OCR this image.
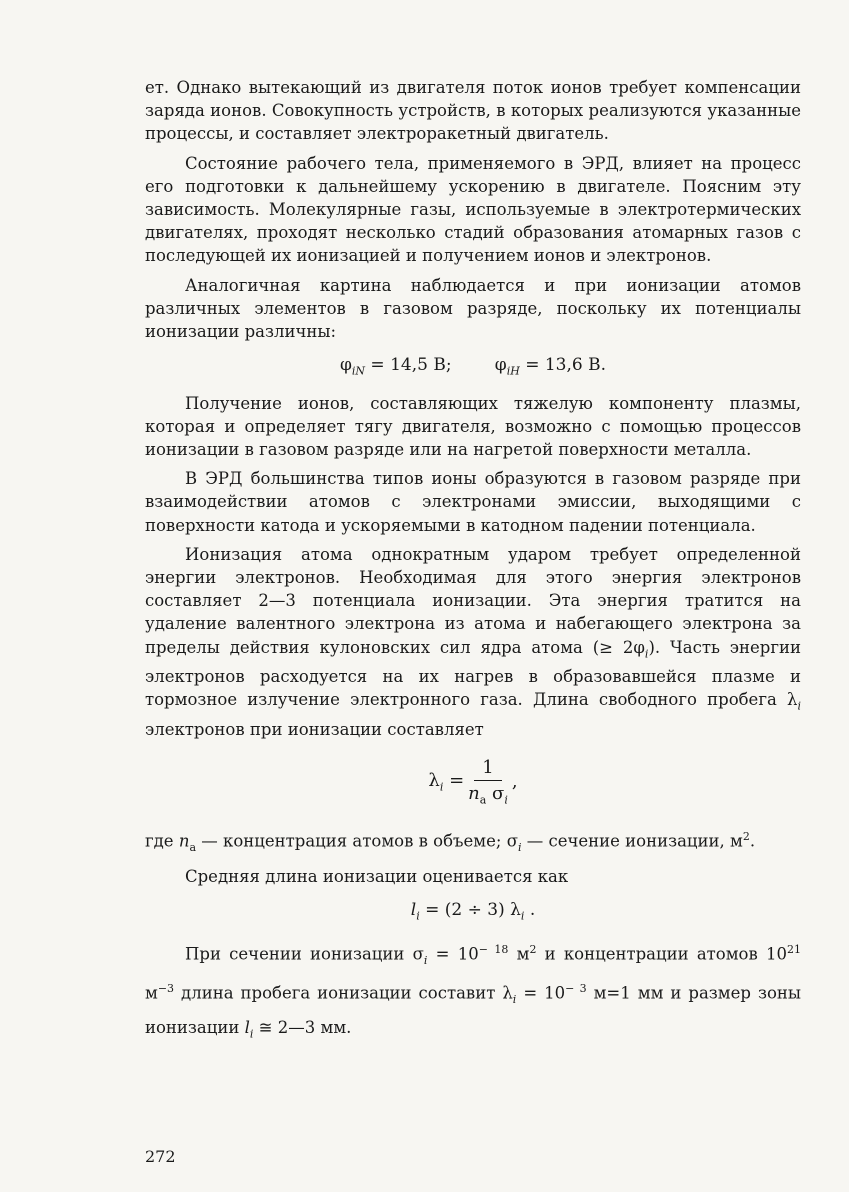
ет. Однако вытекающий из двигателя поток ионов требует компенсации заряда ионов. Совокупность устройств, в которых реализуются указанные процессы, и составляет электроракетный двигатель.

Состояние рабочего тела, применяемого в ЭРД, влияет на процесс его подготовки к дальнейшему ускорению в двигателе. Поясним эту зависимость. Молекулярные газы, используемые в электротермических двигателях, проходят несколько стадий образования атомарных газов с последующей их ионизацией и получением ионов и электронов.

Аналогичная картина наблюдается и при ионизации атомов различных элементов в газовом разряде, поскольку их потенциалы ионизации различны:

$\varphi_{iN} = 14,5$ В;	$\varphi_{iH} = 13,6$ В.

Получение ионов, составляющих тяжелую компоненту плазмы, которая и определяет тягу двигателя, возможно с помощью процессов ионизации в газовом разряде или на нагретой поверхности металла.

В ЭРД большинства типов ионы образуются в газовом разряде при взаимодействии атомов с электронами эмиссии, выходящими с поверхности катода и ускоряемыми в катодном падении потенциала.

Ионизация атома однократным ударом требует определенной энергии электронов. Необходимая для этого энергия электронов составляет 2—3 потенциала ионизации. Эта энергия тратится на удаление валентного электрона из атома и набегающего электрона за пределы действия кулоновских сил ядра атома (≥ $2\varphi_i$). Часть энергии электронов расходуется на их нагрев в образовавшейся плазме и тормозное излучение электронного газа. Длина свободного пробега $\lambda_i$ электронов при ионизации составляет

$\lambda_i = \frac{1}{n_а \sigma_i}$ ,

где $n_а$ — концентрация атомов в объеме; $\sigma_i$ — сечение ионизации, $м^2$.

Средняя длина ионизации оценивается как

$l_i = (2 \div 3)$ $\lambda_i$ .

При сечении ионизации $\sigma_i = 10^{- 18}$ $м^2$ и концентрации атомов $10^{21}$ $м^{-3}$ длина пробега ионизации составит $\lambda_i = 10^{- 3}$ м=1 мм и размер зоны ионизации $l_i$ ≅ 2—3 мм.

272
